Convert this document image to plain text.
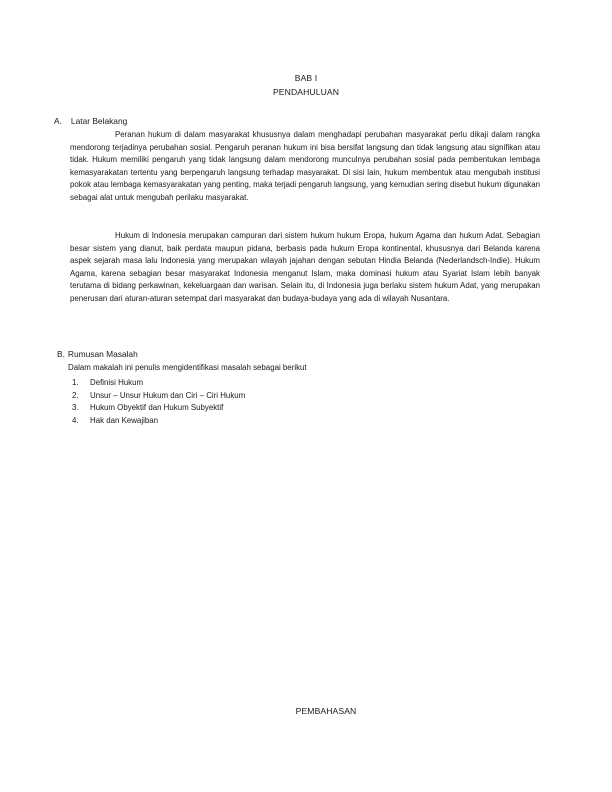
BAB I
PENDAHULUAN
A. Latar Belakang
Peranan hukum di dalam masyarakat khususnya dalam menghadapi perubahan masyarakat perlu dikaji dalam rangka mendorong terjadinya perubahan sosial. Pengaruh peranan hukum ini bisa bersifat langsung dan tidak langsung atau signifikan atau tidak. Hukum memiliki pengaruh yang tidak langsung dalam mendorong munculnya perubahan sosial pada pembentukan lembaga kemasyarakatan tertentu yang berpengaruh langsung terhadap masyarakat. Di sisi lain, hukum membentuk atau mengubah institusi pokok atau lembaga kemasyarakatan yang penting, maka terjadi pengaruh langsung, yang kemudian sering disebut hukum digunakan sebagai alat untuk mengubah perilaku masyarakat.
Hukum di Indonesia merupakan campuran dari sistem hukum hukum Eropa, hukum Agama dan hukum Adat. Sebagian besar sistem yang dianut, baik perdata maupun pidana, berbasis pada hukum Eropa kontinental, khususnya dari Belanda karena aspek sejarah masa lalu Indonesia yang merupakan wilayah jajahan dengan sebutan Hindia Belanda (Nederlandsch-Indie). Hukum Agama, karena sebagian besar masyarakat Indonesia menganut Islam, maka dominasi hukum atau Syariat Islam lebih banyak terutama di bidang perkawinan, kekeluargaan dan warisan. Selain itu, di Indonesia juga berlaku sistem hukum Adat, yang merupakan penerusan dari aturan-aturan setempat dari masyarakat dan budaya-budaya yang ada di wilayah Nusantara.
B. Rumusan Masalah
Dalam makalah ini penulis mengidentifikasi masalah sebagai berikut
1. Definisi Hukum
2. Unsur – Unsur Hukum dan Ciri – Ciri Hukum
3. Hukum Obyektif dan Hukum Subyektif
4. Hak dan Kewajiban
PEMBAHASAN
